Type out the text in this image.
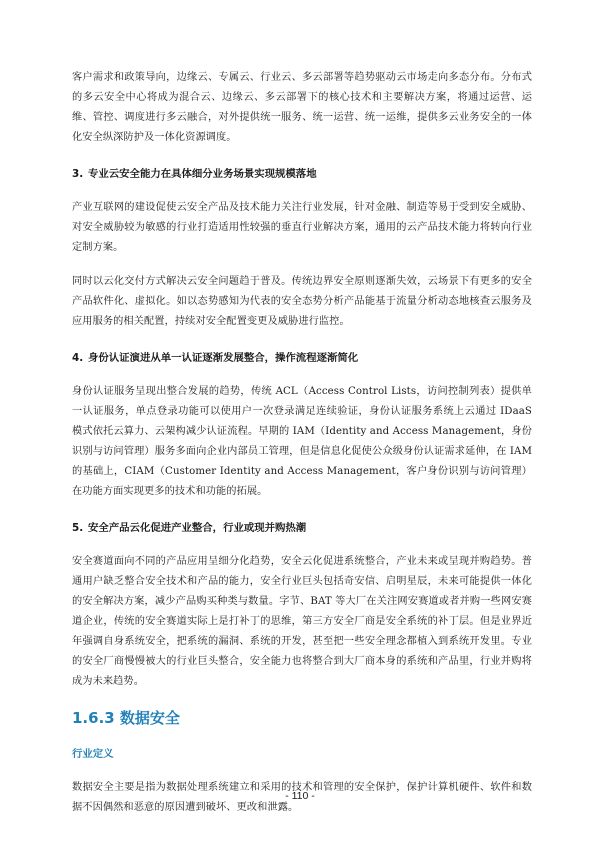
客户需求和政策导向，边缘云、专属云、行业云、多云部署等趋势驱动云市场走向多态分布。分布式的多云安全中心将成为混合云、边缘云、多云部署下的核心技术和主要解决方案，将通过运营、运维、管控、调度进行多云融合，对外提供统一服务、统一运营、统一运维，提供多云业务安全的一体化安全纵深防护及一体化资源调度。

3. 专业云安全能力在具体细分业务场景实现规模落地

产业互联网的建设促使云安全产品及技术能力关注行业发展，针对金融、制造等易于受到安全威胁、对安全威胁较为敏感的行业打造适用性较强的垂直行业解决方案，通用的云产品技术能力将转向行业定制方案。

同时以云化交付方式解决云安全问题趋于普及。传统边界安全原则逐渐失效，云场景下有更多的安全产品软件化、虚拟化。如以态势感知为代表的安全态势分析产品能基于流量分析动态地核查云服务及应用服务的相关配置，持续对安全配置变更及威胁进行监控。

4. 身份认证演进从单一认证逐渐发展整合，操作流程逐渐简化

身份认证服务呈现出整合发展的趋势，传统 ACL（Access Control Lists，访问控制列表）提供单一认证服务，单点登录功能可以使用户一次登录满足连续验证，身份认证服务系统上云通过 IDaaS 模式依托云算力、云架构减少认证流程。早期的 IAM（Identity and Access Management，身份识别与访问管理）服务多面向企业内部员工管理，但是信息化促使公众级身份认证需求延伸，在 IAM 的基础上，CIAM（Customer Identity and Access Management，客户身份识别与访问管理）在功能方面实现更多的技术和功能的拓展。

5. 安全产品云化促进产业整合，行业或现并购热潮

安全赛道面向不同的产品应用呈细分化趋势，安全云化促进系统整合，产业未来或呈现并购趋势。普通用户缺乏整合安全技术和产品的能力，安全行业巨头包括奇安信、启明星辰，未来可能提供一体化的安全解决方案，减少产品购买种类与数量。字节、BAT 等大厂在关注网安赛道或者并购一些网安赛道企业，传统的安全赛道实际上是打补丁的思维，第三方安全厂商是安全系统的补丁层。但是业界近年强调自身系统安全，把系统的漏洞、系统的开发，甚至把一些安全理念都植入到系统开发里。专业的安全厂商慢慢被大的行业巨头整合，安全能力也将整合到大厂商本身的系统和产品里，行业并购将成为未来趋势。

1.6.3 数据安全

行业定义

数据安全主要是指为数据处理系统建立和采用的技术和管理的安全保护，保护计算机硬件、软件和数据不因偶然和恶意的原因遭到破坏、更改和泄露。

- 110 -
